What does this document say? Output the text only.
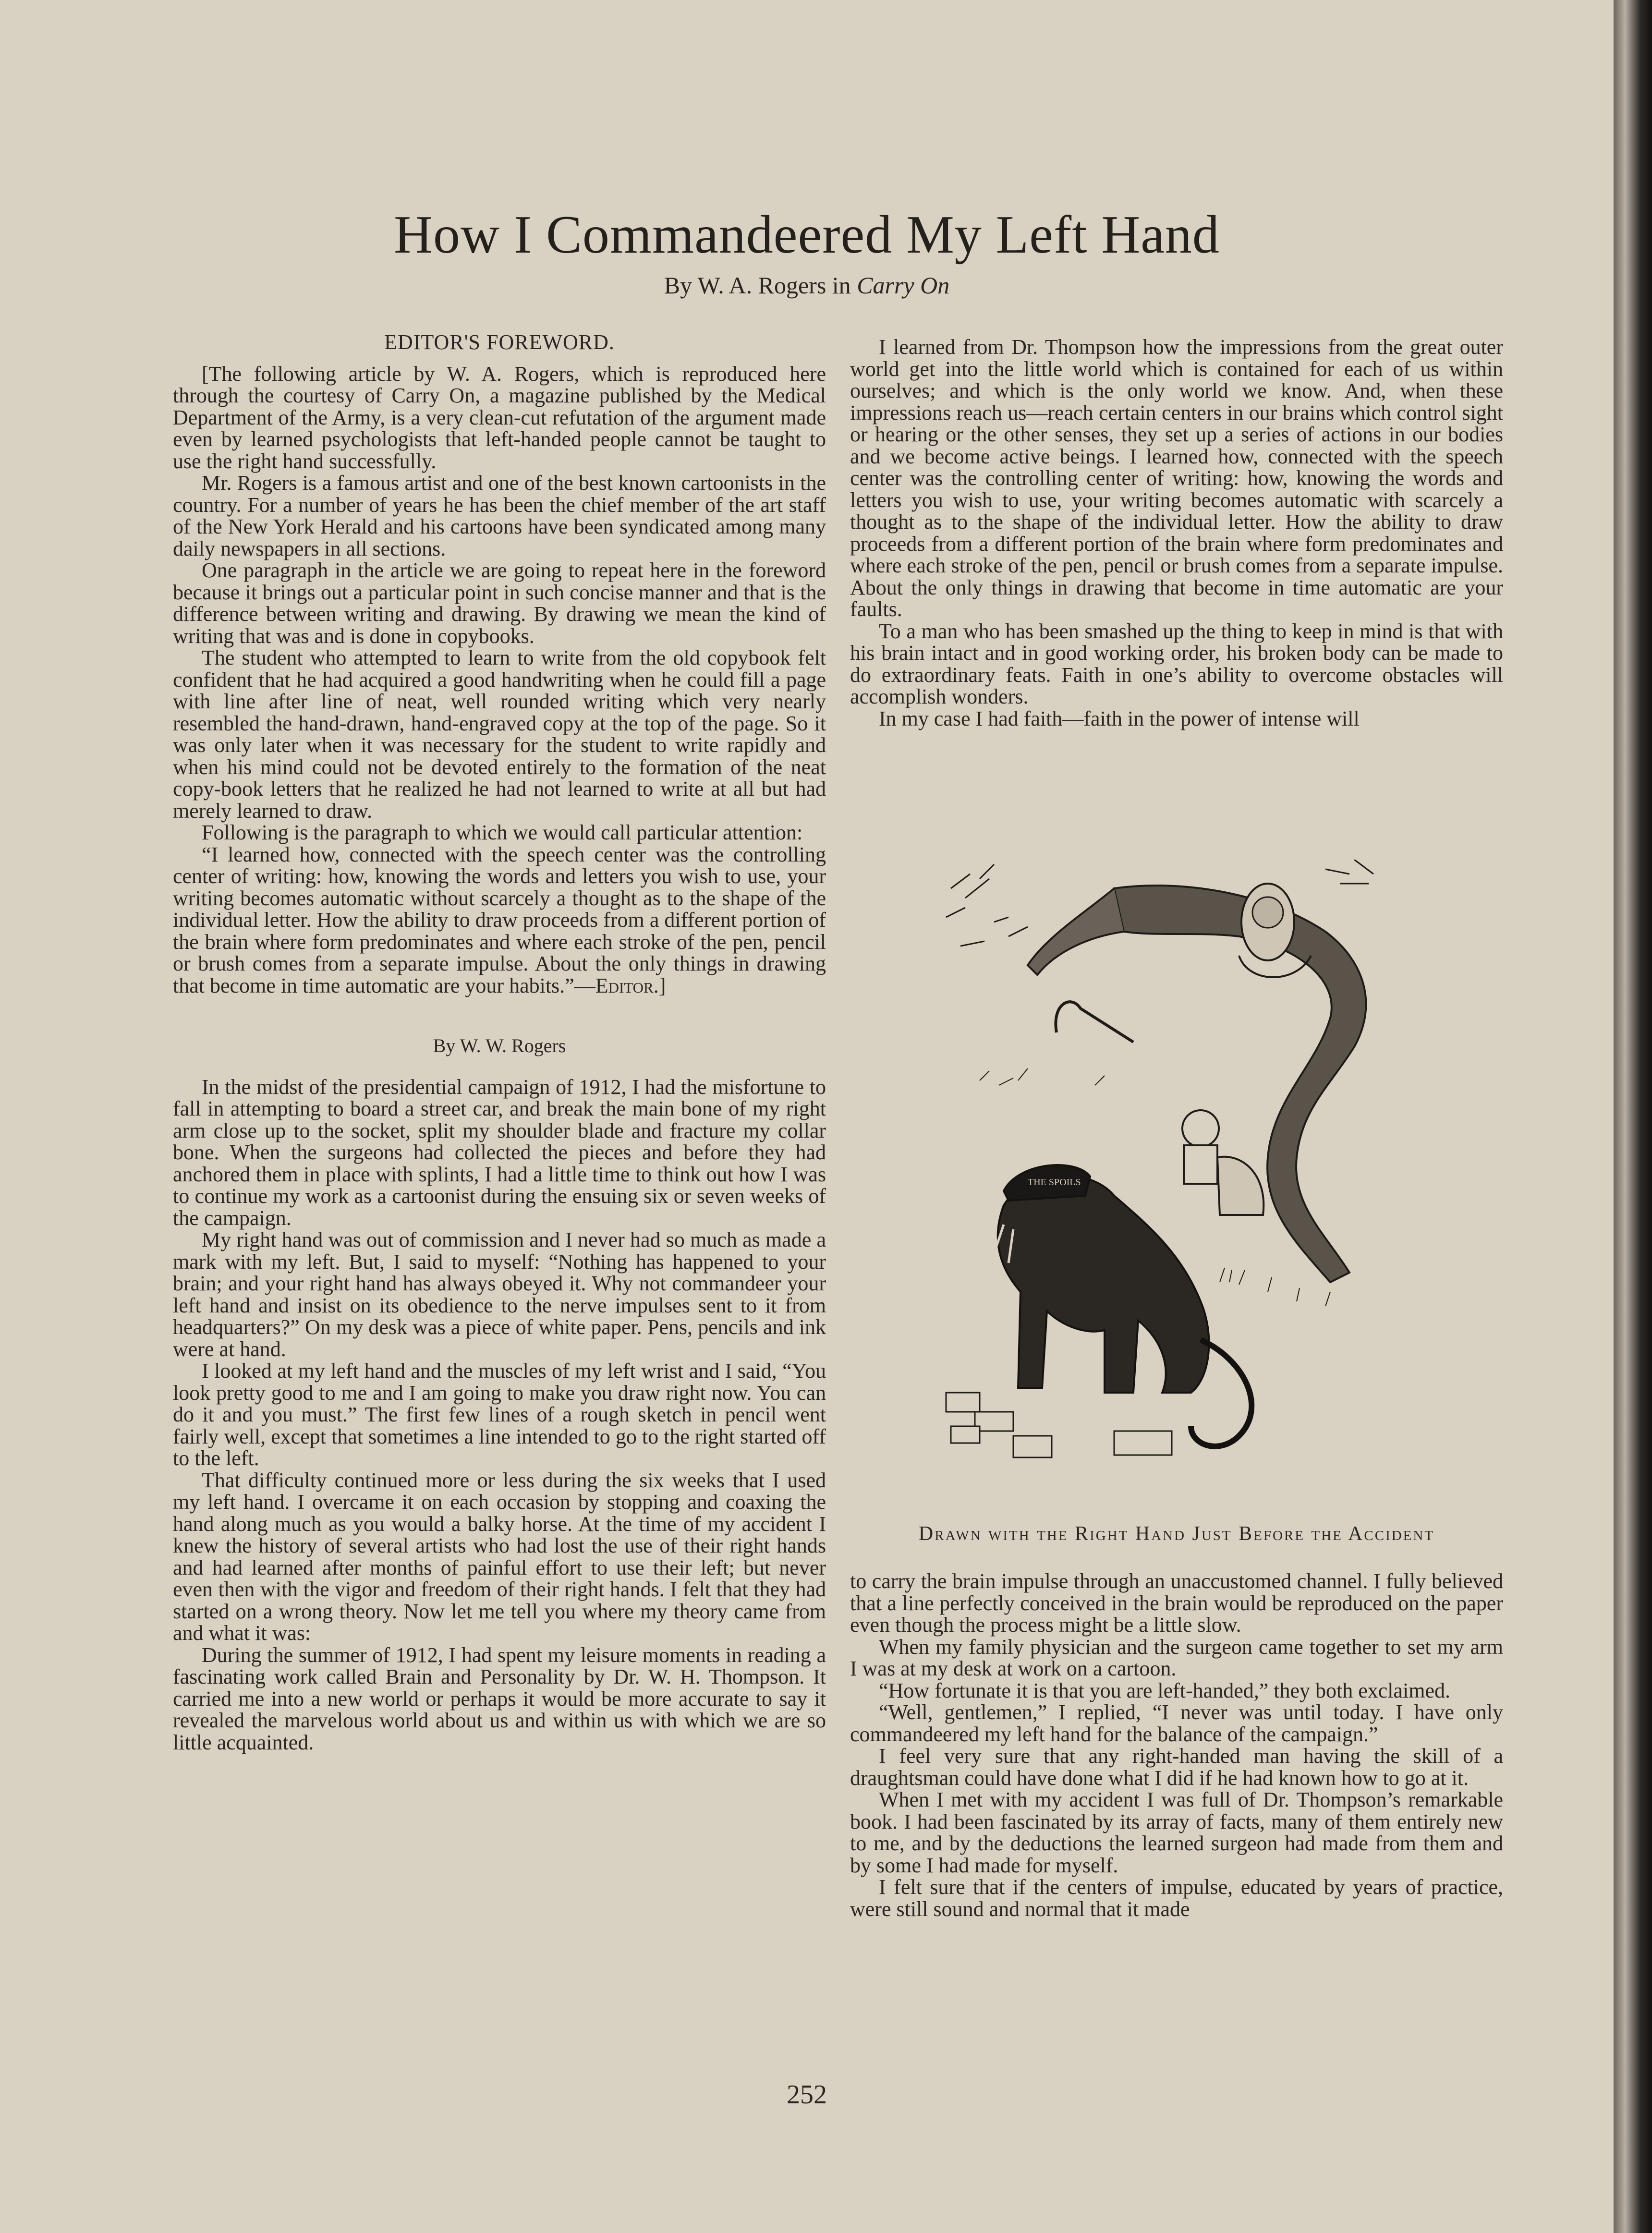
How I Commandeered My Left Hand

By W. A. Rogers in Carry On

EDITOR'S FOREWORD.

[The following article by W. A. Rogers, which is reproduced here through the courtesy of Carry On, a magazine published by the Medical Department of the Army, is a very clean-cut refutation of the argument made even by learned psychologists that left-handed people cannot be taught to use the right hand successfully.

Mr. Rogers is a famous artist and one of the best known cartoonists in the country. For a number of years he has been the chief member of the art staff of the New York Herald and his cartoons have been syndicated among many daily newspapers in all sections.

One paragraph in the article we are going to repeat here in the foreword because it brings out a particular point in such concise manner and that is the difference between writing and drawing. By drawing we mean the kind of writing that was and is done in copybooks.

The student who attempted to learn to write from the old copybook felt confident that he had acquired a good handwriting when he could fill a page with line after line of neat, well rounded writing which very nearly resembled the hand-drawn, hand-engraved copy at the top of the page. So it was only later when it was necessary for the student to write rapidly and when his mind could not be devoted entirely to the formation of the neat copy-book letters that he realized he had not learned to write at all but had merely learned to draw.

Following is the paragraph to which we would call particular attention:

“I learned how, connected with the speech center was the controlling center of writing: how, knowing the words and letters you wish to use, your writing becomes automatic without scarcely a thought as to the shape of the individual letter. How the ability to draw proceeds from a different portion of the brain where form predominates and where each stroke of the pen, pencil or brush comes from a separate impulse. About the only things in drawing that become in time automatic are your habits.”—Editor.]

By W. W. Rogers

In the midst of the presidential campaign of 1912, I had the misfortune to fall in attempting to board a street car, and break the main bone of my right arm close up to the socket, split my shoulder blade and fracture my collar bone. When the surgeons had collected the pieces and before they had anchored them in place with splints, I had a little time to think out how I was to continue my work as a cartoonist during the ensuing six or seven weeks of the campaign.

My right hand was out of commission and I never had so much as made a mark with my left. But, I said to myself: “Nothing has happened to your brain; and your right hand has always obeyed it. Why not commandeer your left hand and insist on its obedience to the nerve impulses sent to it from headquarters?” On my desk was a piece of white paper. Pens, pencils and ink were at hand.

I looked at my left hand and the muscles of my left wrist and I said, “You look pretty good to me and I am going to make you draw right now. You can do it and you must.” The first few lines of a rough sketch in pencil went fairly well, except that sometimes a line intended to go to the right started off to the left.

That difficulty continued more or less during the six weeks that I used my left hand. I overcame it on each occasion by stopping and coaxing the hand along much as you would a balky horse. At the time of my accident I knew the history of several artists who had lost the use of their right hands and had learned after months of painful effort to use their left; but never even then with the vigor and freedom of their right hands. I felt that they had started on a wrong theory. Now let me tell you where my theory came from and what it was:

During the summer of 1912, I had spent my leisure moments in reading a fascinating work called Brain and Personality by Dr. W. H. Thompson. It carried me into a new world or perhaps it would be more accurate to say it revealed the marvelous world about us and within us with which we are so little acquainted.

I learned from Dr. Thompson how the impressions from the great outer world get into the little world which is contained for each of us within ourselves; and which is the only world we know. And, when these impressions reach us—reach certain centers in our brains which control sight or hearing or the other senses, they set up a series of actions in our bodies and we become active beings. I learned how, connected with the speech center was the controlling center of writing: how, knowing the words and letters you wish to use, your writing becomes automatic with scarcely a thought as to the shape of the individual letter. How the ability to draw proceeds from a different portion of the brain where form predominates and where each stroke of the pen, pencil or brush comes from a separate impulse. About the only things in drawing that become in time automatic are your faults.

To a man who has been smashed up the thing to keep in mind is that with his brain intact and in good working order, his broken body can be made to do extraordinary feats. Faith in one’s ability to overcome obstacles will accomplish wonders.

In my case I had faith—faith in the power of intense will

THE SPOILS

Drawn with the Right Hand Just Before the Accident

to carry the brain impulse through an unaccustomed channel. I fully believed that a line perfectly conceived in the brain would be reproduced on the paper even though the process might be a little slow.

When my family physician and the surgeon came together to set my arm I was at my desk at work on a cartoon.

“How fortunate it is that you are left-handed,” they both exclaimed.

“Well, gentlemen,” I replied, “I never was until today. I have only commandeered my left hand for the balance of the campaign.”

I feel very sure that any right-handed man having the skill of a draughtsman could have done what I did if he had known how to go at it.

When I met with my accident I was full of Dr. Thompson’s remarkable book. I had been fascinated by its array of facts, many of them entirely new to me, and by the deductions the learned surgeon had made from them and by some I had made for myself.

I felt sure that if the centers of impulse, educated by years of practice, were still sound and normal that it made

252
